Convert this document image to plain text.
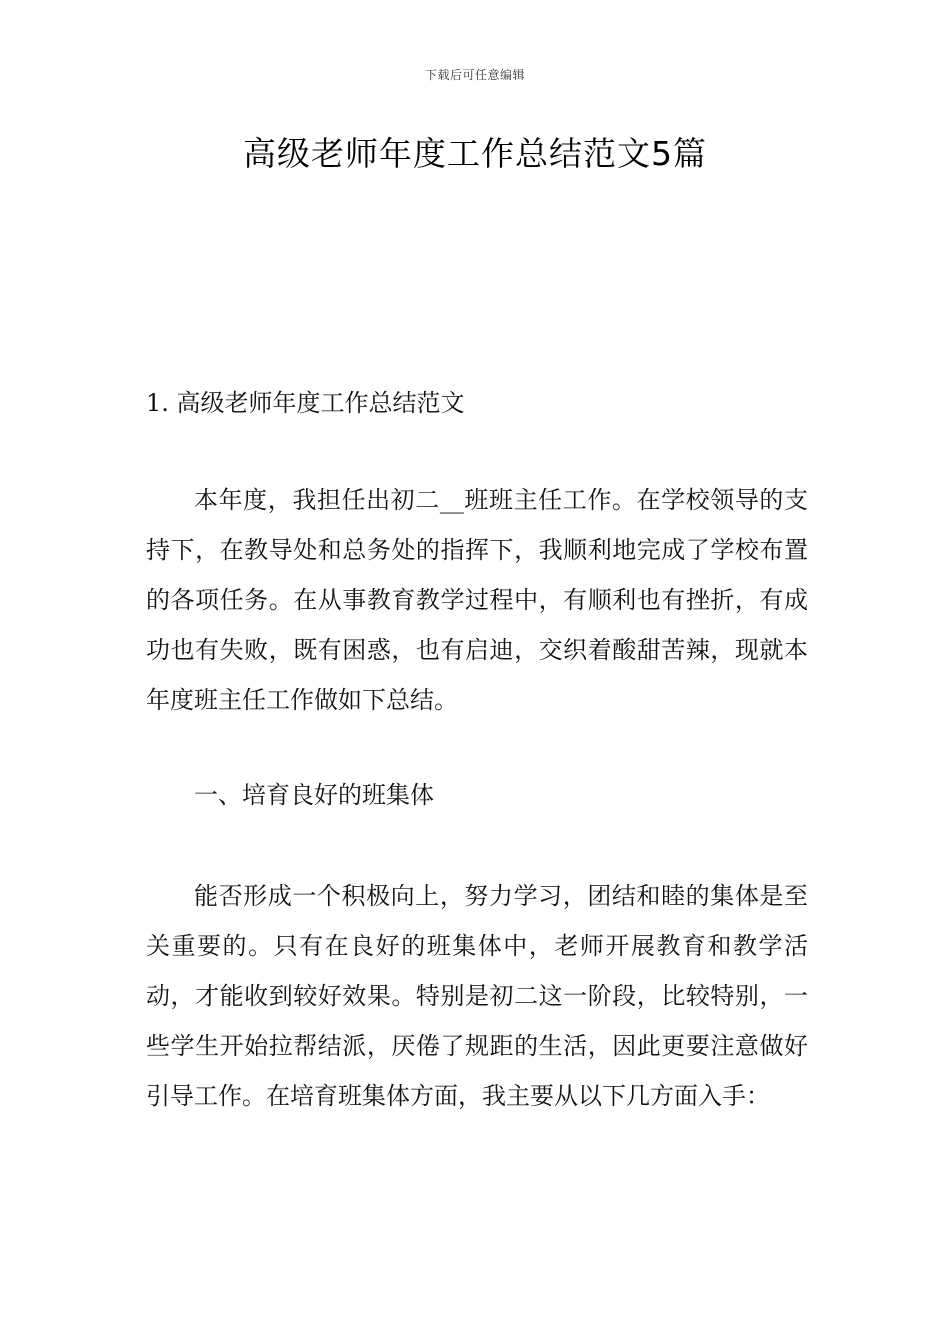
下载后可任意编辑
高级老师年度工作总结范文5篇
1. 高级老师年度工作总结范文

本年度，我担任出初二__班班主任工作。在学校领导的支持下，在教导处和总务处的指挥下，我顺利地完成了学校布置的各项任务。在从事教育教学过程中，有顺利也有挫折，有成功也有失败，既有困惑，也有启迪，交织着酸甜苦辣，现就本年度班主任工作做如下总结。

一、培育良好的班集体

能否形成一个积极向上，努力学习，团结和睦的集体是至关重要的。只有在良好的班集体中，老师开展教育和教学活动，才能收到较好效果。特别是初二这一阶段，比较特别，一些学生开始拉帮结派，厌倦了规距的生活，因此更要注意做好引导工作。在培育班集体方面，我主要从以下几方面入手：
